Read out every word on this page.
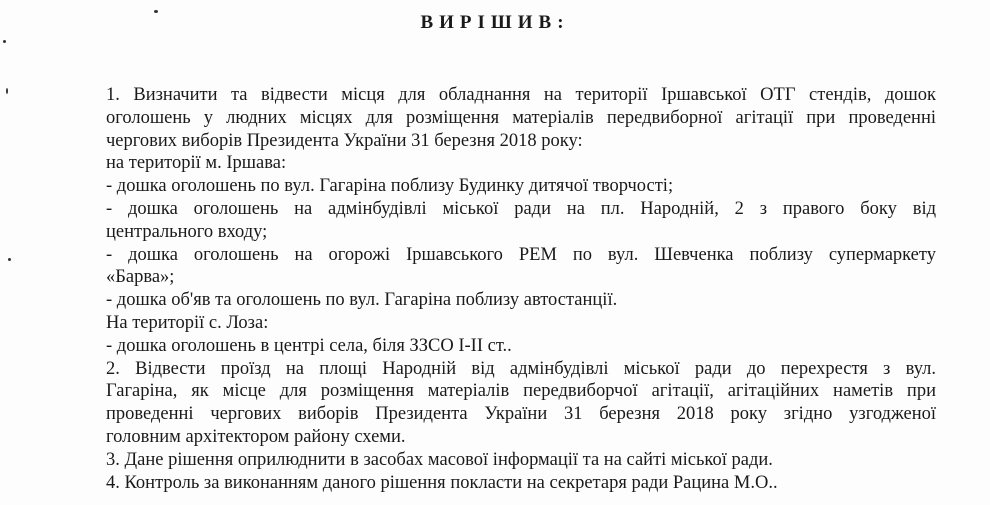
ВИРІШИВ:
1. Визначити та відвести місця для обладнання на території Іршавської ОТГ стендів, дошок
оголошень у людних місцях для розміщення матеріалів передвиборної агітації при проведенні
чергових виборів Президента України 31 березня 2018 року:
на території м. Іршава:
- дошка оголошень по вул. Гагаріна поблизу Будинку дитячої творчості;
- дошка оголошень на адмінбудівлі міської ради на пл. Народній, 2 з правого боку від
центрального входу;
- дошка оголошень на огорожі Іршавського РЕМ по вул. Шевченка поблизу супермаркету
«Барва»;
- дошка об'яв та оголошень по вул. Гагаріна поблизу автостанції.
На території с. Лоза:
- дошка оголошень в центрі села, біля ЗЗСО І-ІІ ст..
2. Відвести проїзд на площі Народній від адмінбудівлі міської ради до перехрестя з вул.
Гагаріна, як місце для розміщення матеріалів передвиборчої агітації, агітаційних наметів при
проведенні чергових виборів Президента України 31 березня 2018 року згідно узгодженої
головним архітектором району схеми.
3. Дане рішення оприлюднити в засобах масової інформації та на сайті міської ради.
4. Контроль за виконанням даного рішення покласти на секретаря ради Рацина М.О..
